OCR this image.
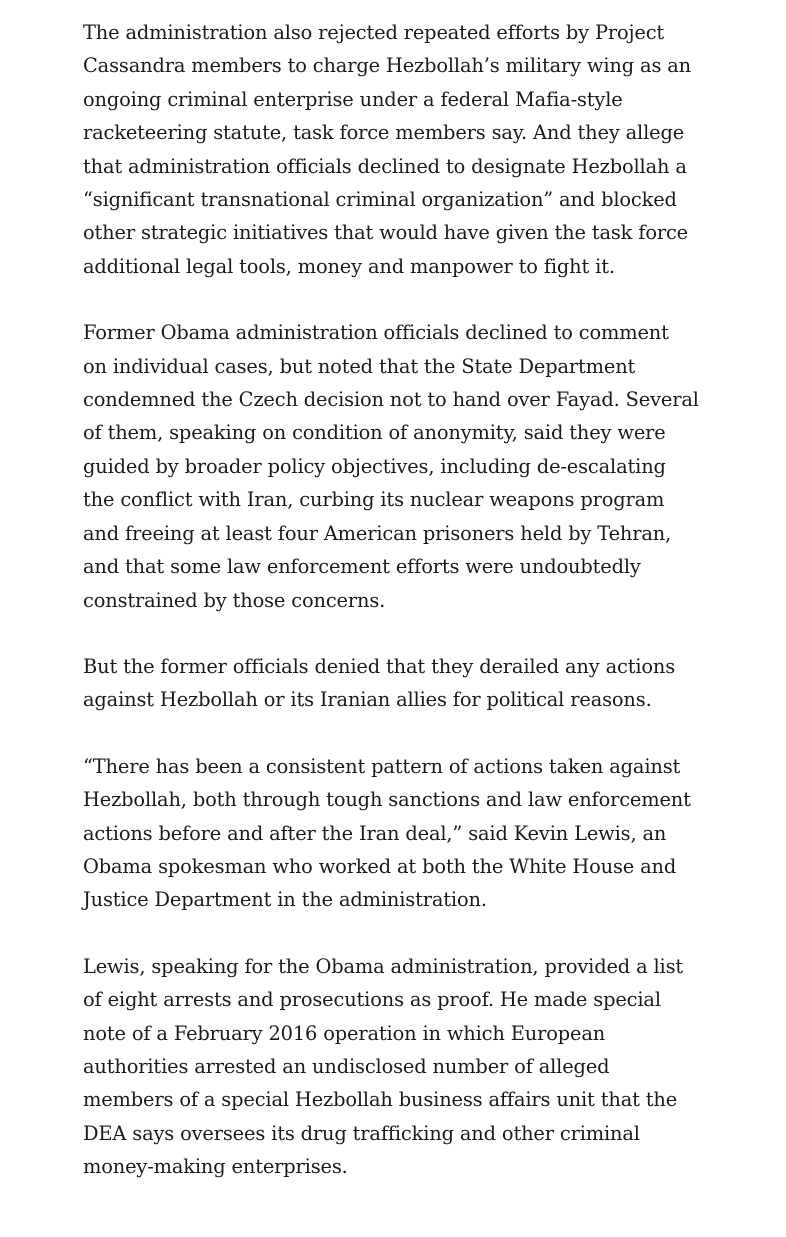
The administration also rejected repeated efforts by Project
Cassandra members to charge Hezbollah’s military wing as an
ongoing criminal enterprise under a federal Mafia-style
racketeering statute, task force members say. And they allege
that administration officials declined to designate Hezbollah a
“significant transnational criminal organization” and blocked
other strategic initiatives that would have given the task force
additional legal tools, money and manpower to fight it.

Former Obama administration officials declined to comment
on individual cases, but noted that the State Department
condemned the Czech decision not to hand over Fayad. Several
of them, speaking on condition of anonymity, said they were
guided by broader policy objectives, including de-escalating
the conflict with Iran, curbing its nuclear weapons program
and freeing at least four American prisoners held by Tehran,
and that some law enforcement efforts were undoubtedly
constrained by those concerns.

But the former officials denied that they derailed any actions
against Hezbollah or its Iranian allies for political reasons.

“There has been a consistent pattern of actions taken against
Hezbollah, both through tough sanctions and law enforcement
actions before and after the Iran deal,” said Kevin Lewis, an
Obama spokesman who worked at both the White House and
Justice Department in the administration.

Lewis, speaking for the Obama administration, provided a list
of eight arrests and prosecutions as proof. He made special
note of a February 2016 operation in which European
authorities arrested an undisclosed number of alleged
members of a special Hezbollah business affairs unit that the
DEA says oversees its drug trafficking and other criminal
money-making enterprises.
